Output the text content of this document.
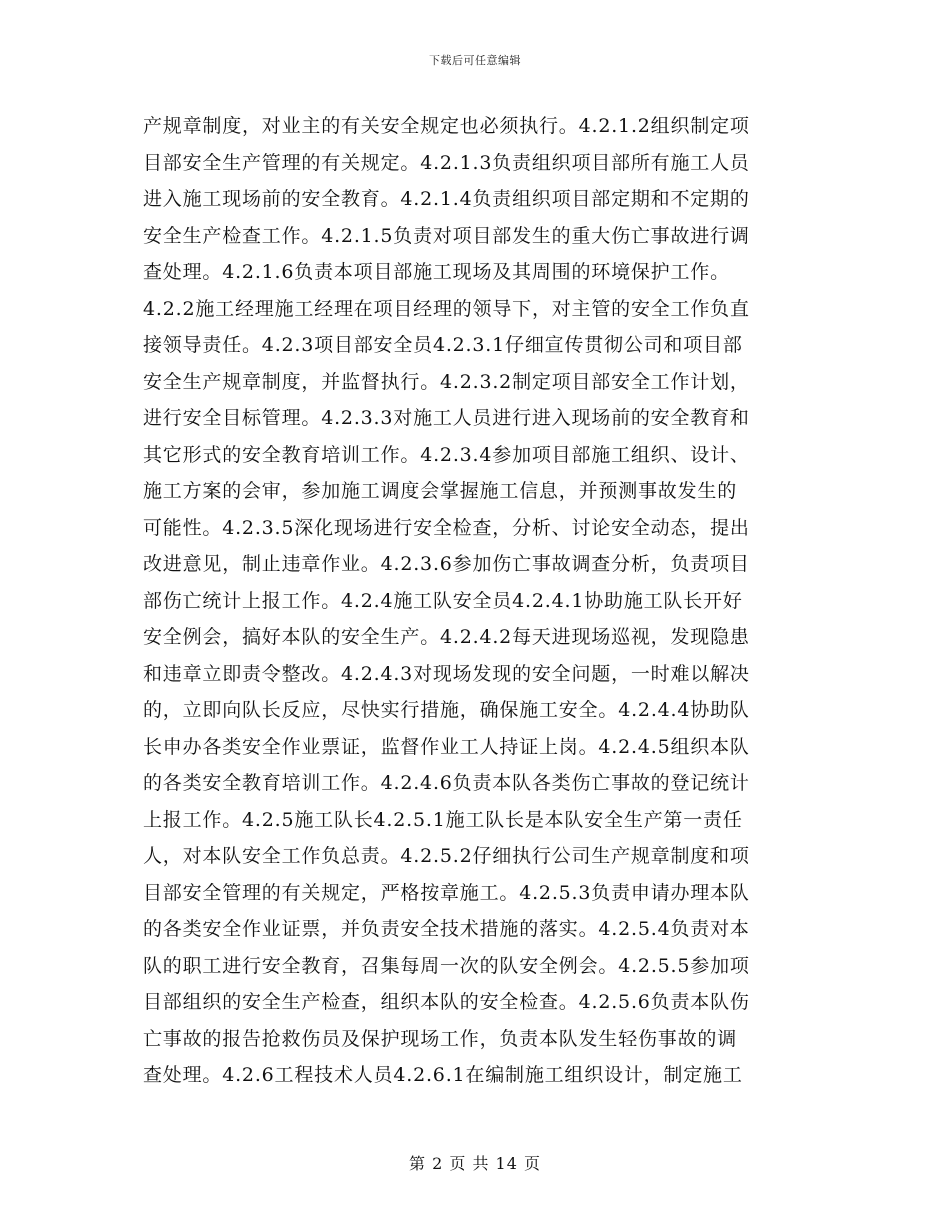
下载后可任意编辑
产规章制度，对业主的有关安全规定也必须执行。4.2.1.2组织制定项
目部安全生产管理的有关规定。4.2.1.3负责组织项目部所有施工人员
进入施工现场前的安全教育。4.2.1.4负责组织项目部定期和不定期的
安全生产检查工作。4.2.1.5负责对项目部发生的重大伤亡事故进行调
查处理。4.2.1.6负责本项目部施工现场及其周围的环境保护工作。
4.2.2施工经理施工经理在项目经理的领导下，对主管的安全工作负直
接领导责任。4.2.3项目部安全员4.2.3.1仔细宣传贯彻公司和项目部
安全生产规章制度，并监督执行。4.2.3.2制定项目部安全工作计划，
进行安全目标管理。4.2.3.3对施工人员进行进入现场前的安全教育和
其它形式的安全教育培训工作。4.2.3.4参加项目部施工组织、设计、
施工方案的会审，参加施工调度会掌握施工信息，并预测事故发生的
可能性。4.2.3.5深化现场进行安全检查，分析、讨论安全动态，提出
改进意见，制止违章作业。4.2.3.6参加伤亡事故调查分析，负责项目
部伤亡统计上报工作。4.2.4施工队安全员4.2.4.1协助施工队长开好
安全例会，搞好本队的安全生产。4.2.4.2每天进现场巡视，发现隐患
和违章立即责令整改。4.2.4.3对现场发现的安全问题，一时难以解决
的，立即向队长反应，尽快实行措施，确保施工安全。4.2.4.4协助队
长申办各类安全作业票证，监督作业工人持证上岗。4.2.4.5组织本队
的各类安全教育培训工作。4.2.4.6负责本队各类伤亡事故的登记统计
上报工作。4.2.5施工队长4.2.5.1施工队长是本队安全生产第一责任
人，对本队安全工作负总责。4.2.5.2仔细执行公司生产规章制度和项
目部安全管理的有关规定，严格按章施工。4.2.5.3负责申请办理本队
的各类安全作业证票，并负责安全技术措施的落实。4.2.5.4负责对本
队的职工进行安全教育，召集每周一次的队安全例会。4.2.5.5参加项
目部组织的安全生产检查，组织本队的安全检查。4.2.5.6负责本队伤
亡事故的报告抢救伤员及保护现场工作，负责本队发生轻伤事故的调
查处理。4.2.6工程技术人员4.2.6.1在编制施工组织设计，制定施工
第 2 页 共 14 页
